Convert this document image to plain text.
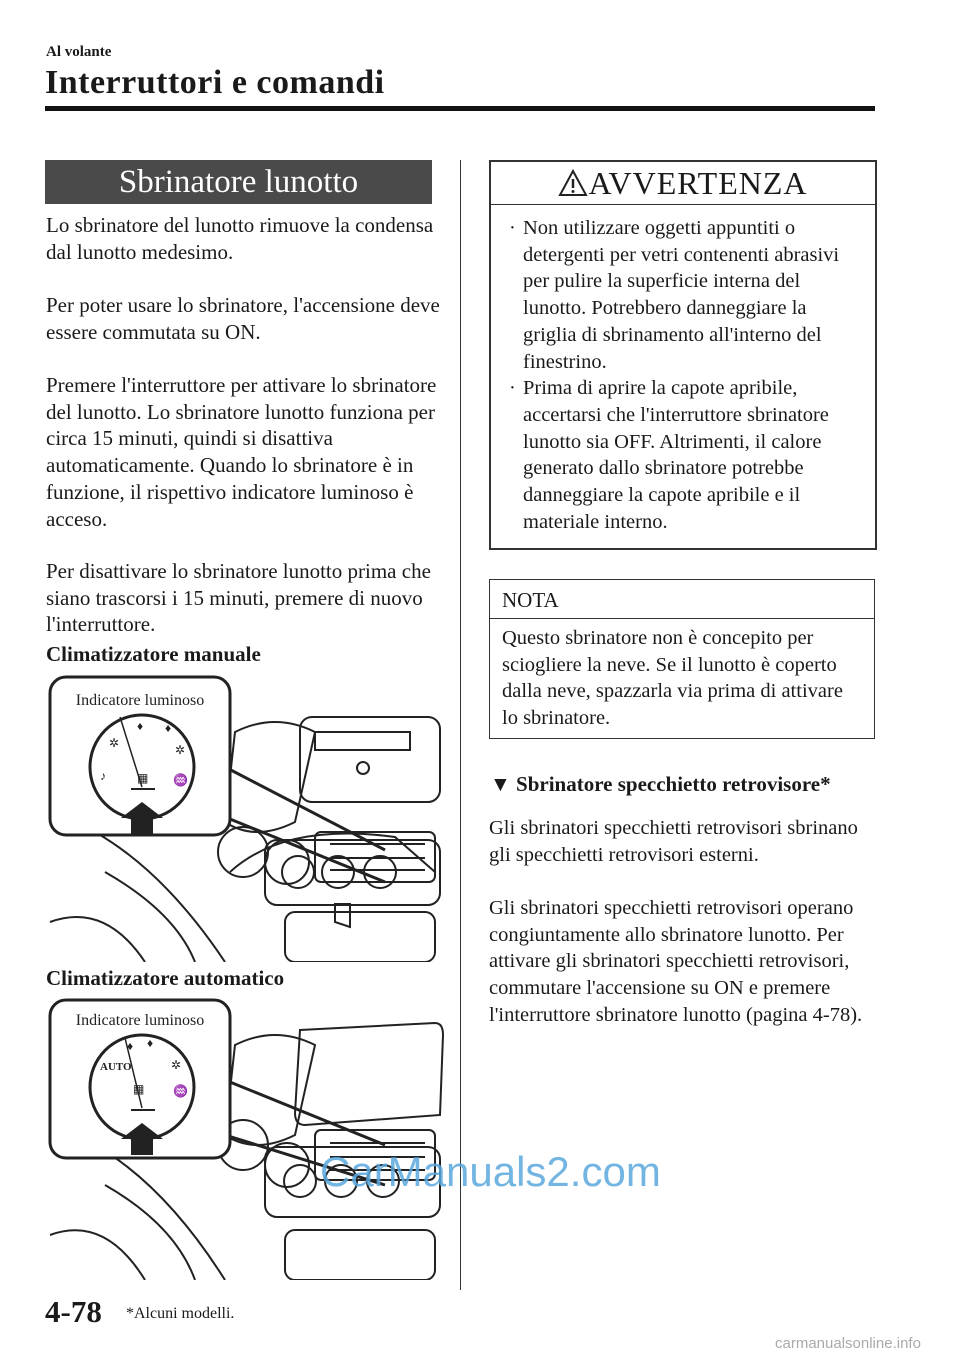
Al volante
Interruttori e comandi
Sbrinatore lunotto
Lo sbrinatore del lunotto rimuove la condensa dal lunotto medesimo.
Per poter usare lo sbrinatore, l'accensione deve essere commutata su ON.
Premere l'interruttore per attivare lo sbrinatore del lunotto. Lo sbrinatore lunotto funziona per circa 15 minuti, quindi si disattiva automaticamente. Quando lo sbrinatore è in funzione, il rispettivo indicatore luminoso è acceso.
Per disattivare lo sbrinatore lunotto prima che siano trascorsi i 15 minuti, premere di nuovo l'interruttore.
Climatizzatore manuale
Indicatore luminoso
✲
♦ ♦
✲
♪	▦ ♒
Climatizzatore automatico
Indicatore luminoso
AUTO
♦ ♦
✲
▦ ♒
AVVERTENZA
· Non utilizzare oggetti appuntiti o detergenti per vetri contenenti abrasivi per pulire la superficie interna del lunotto. Potrebbero danneggiare la griglia di sbrinamento all'interno del finestrino.
· Prima di aprire la capote apribile, accertarsi che l'interruttore sbrinatore lunotto sia OFF. Altrimenti, il calore generato dallo sbrinatore potrebbe danneggiare la capote apribile e il materiale interno.
NOTA
Questo sbrinatore non è concepito per sciogliere la neve. Se il lunotto è coperto dalla neve, spazzarla via prima di attivare lo sbrinatore.
▼ Sbrinatore specchietto retrovisore*
Gli sbrinatori specchietti retrovisori sbrinano gli specchietti retrovisori esterni.
Gli sbrinatori specchietti retrovisori operano congiuntamente allo sbrinatore lunotto. Per attivare gli sbrinatori specchietti retrovisori, commutare l'accensione su ON e premere l'interruttore sbrinatore lunotto (pagina 4-78).
CarManuals2.com
4-78 *Alcuni modelli.
carmanualsonline.info
